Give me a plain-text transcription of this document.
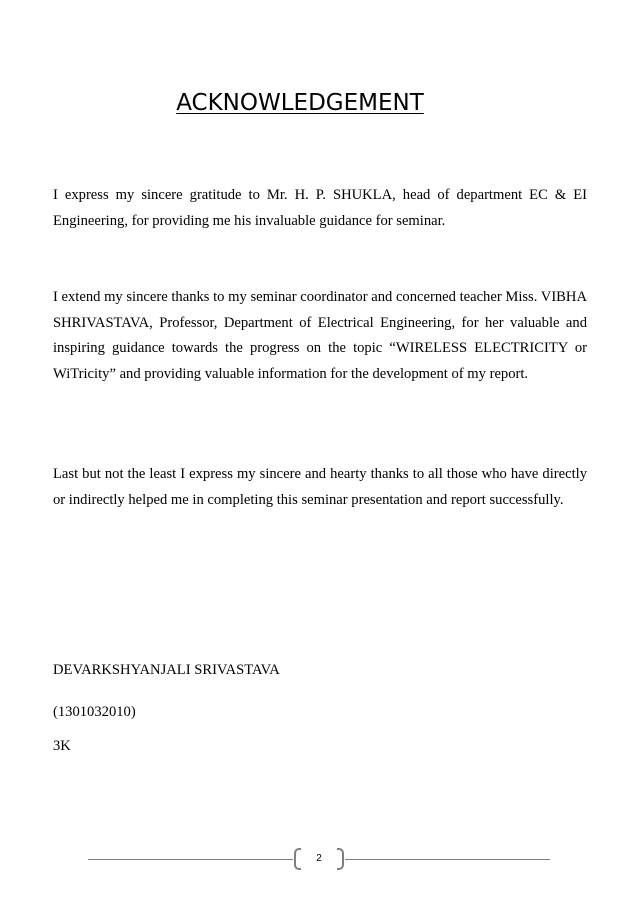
ACKNOWLEDGEMENT

I express my sincere gratitude to Mr. H. P. SHUKLA, head of department EC & EI Engineering, for providing me his invaluable guidance for seminar.

I extend my sincere thanks to my seminar coordinator and concerned teacher Miss. VIBHA SHRIVASTAVA, Professor, Department of Electrical Engineering, for her valuable and inspiring guidance towards the progress on the topic “WIRELESS ELECTRICITY or WiTricity” and providing valuable information for the development of my report.

Last but not the least I express my sincere and hearty thanks to all those who have directly or indirectly helped me in completing this seminar presentation and report successfully.

DEVARKSHYANJALI SRIVASTAVA
(1301032010)
3K
2
